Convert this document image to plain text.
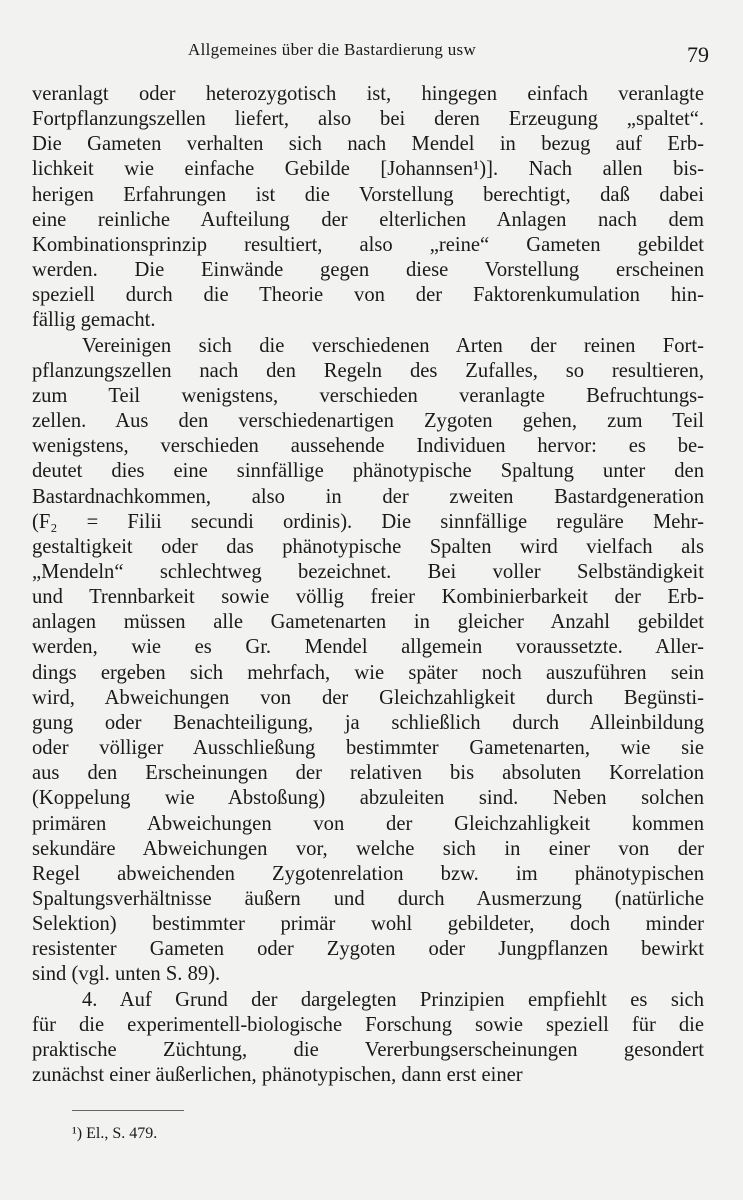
Allgemeines über die Bastardierung usw	79
veranlagt oder heterozygotisch ist, hingegen einfach veranlagte
Fortpflanzungszellen liefert, also bei deren Erzeugung „spaltet“.
Die Gameten verhalten sich nach Mendel in bezug auf Erb-
lichkeit wie einfache Gebilde [Johannsen¹)]. Nach allen bis-
herigen Erfahrungen ist die Vorstellung berechtigt, daß dabei
eine reinliche Aufteilung der elterlichen Anlagen nach dem
Kombinationsprinzip resultiert, also „reine“ Gameten gebildet
werden. Die Einwände gegen diese Vorstellung erscheinen
speziell durch die Theorie von der Faktorenkumulation hin-
fällig gemacht.
Vereinigen sich die verschiedenen Arten der reinen Fort-
pflanzungszellen nach den Regeln des Zufalles, so resultieren,
zum Teil wenigstens, verschieden veranlagte Befruchtungs-
zellen. Aus den verschiedenartigen Zygoten gehen, zum Teil
wenigstens, verschieden aussehende Individuen hervor: es be-
deutet dies eine sinnfällige phänotypische Spaltung unter den
Bastardnachkommen, also in der zweiten Bastardgeneration
(F₂ = Filii secundi ordinis). Die sinnfällige reguläre Mehr-
gestaltigkeit oder das phänotypische Spalten wird vielfach als
„Mendeln“ schlechtweg bezeichnet. Bei voller Selbständigkeit
und Trennbarkeit sowie völlig freier Kombinierbarkeit der Erb-
anlagen müssen alle Gametenarten in gleicher Anzahl gebildet
werden, wie es Gr. Mendel allgemein voraussetzte. Aller-
dings ergeben sich mehrfach, wie später noch auszuführen sein
wird, Abweichungen von der Gleichzahligkeit durch Begünsti-
gung oder Benachteiligung, ja schließlich durch Alleinbildung
oder völliger Ausschließung bestimmter Gametenarten, wie sie
aus den Erscheinungen der relativen bis absoluten Korrelation
(Koppelung wie Abstoßung) abzuleiten sind. Neben solchen
primären Abweichungen von der Gleichzahligkeit kommen
sekundäre Abweichungen vor, welche sich in einer von der
Regel abweichenden Zygotenrelation bzw. im phänotypischen
Spaltungsverhältnisse äußern und durch Ausmerzung (natürliche
Selektion) bestimmter primär wohl gebildeter, doch minder
resistenter Gameten oder Zygoten oder Jungpflanzen bewirkt
sind (vgl. unten S. 89).
4. Auf Grund der dargelegten Prinzipien empfiehlt es sich
für die experimentell-biologische Forschung sowie speziell für die
praktische Züchtung, die Vererbungserscheinungen gesondert
zunächst einer äußerlichen, phänotypischen, dann erst einer
¹) El., S. 479.
